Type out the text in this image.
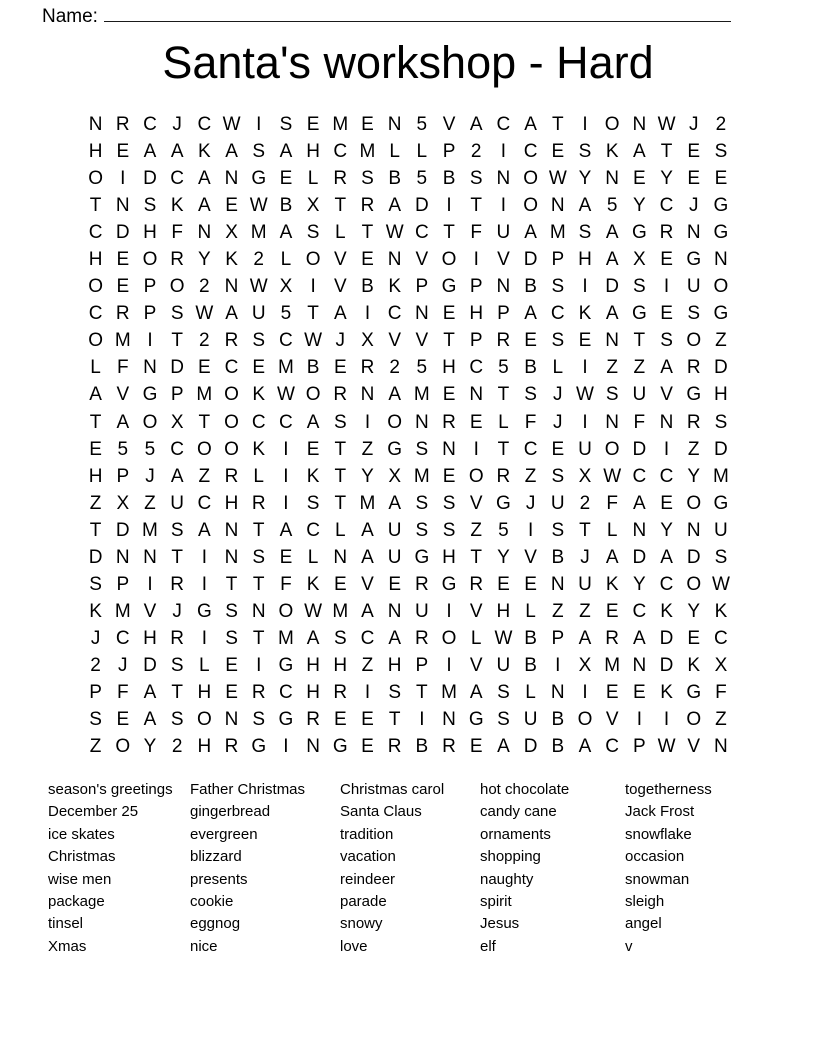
Name:
Santa's workshop - Hard
N R C J C W I S E M E N 5 V A C A T I O N W J 2
H E A A K A S A H C M L L P 2	I C E S K A T E S
O I D C A N G E L R S B 5 B S N O W Y N E Y E E
T N S K A E W B X T R A D I T I O N A 5 Y C J G
C D H F N X M A S L T W C T F U A M S A G R N G
H E O R Y K 2 L O V E N V O I V D P H A X E G N
O E P O 2 N W X I V B K P G P N B S I D S I U O
C R P S W A U 5 T A I C N E H P A C K A G E S G
O M I T 2 R S C W J X V V T P R E S E N T S O Z
L F N D E C E M B E R 2 5 H C 5 B L	I Z Z A R D
A V G P M O K W O R N A M E N T S J W S U V G H
T A O X T O C C A S I O N R E L F J	I N F N R S
E 5 5 C O O K I E T Z G S N I T C E U O D I Z D
H P J A Z R L	I K T Y X M E O R Z S X W C C Y M
Z X Z U C H R I S T M A S S V G J U 2 F A E O G
T D M S A N T A C L A U S S Z 5	I S T L N Y N U
D N N T I N S E L N A U G H T Y V B J A D A D S
S P I R I T T F K E V E R G R E E N U K Y C O W
K M V J G S N O W M A N U I V H L Z Z E C K Y K
J C H R I S T M A S C A R O L W B P A R A D E C
2 J D S L E I G H H Z H P I V U B I X M N D K X
P F A T H E R C H R I S T M A S L N I E E K G F
S E A S O N S G R E E T I N G S U B O V I	I O Z
Z O Y 2 H R G I N G E R B R E A D B A C P W V N
season's greetings
December 25
ice skates
Christmas
wise men
package
tinsel
Xmas
Father Christmas
gingerbread
evergreen
blizzard
presents
cookie
eggnog
nice
Christmas carol
Santa Claus
tradition
vacation
reindeer
parade
snowy
love
hot chocolate
candy cane
ornaments
shopping
naughty
spirit
Jesus
elf
togetherness
Jack Frost
snowflake
occasion
snowman
sleigh
angel
v
